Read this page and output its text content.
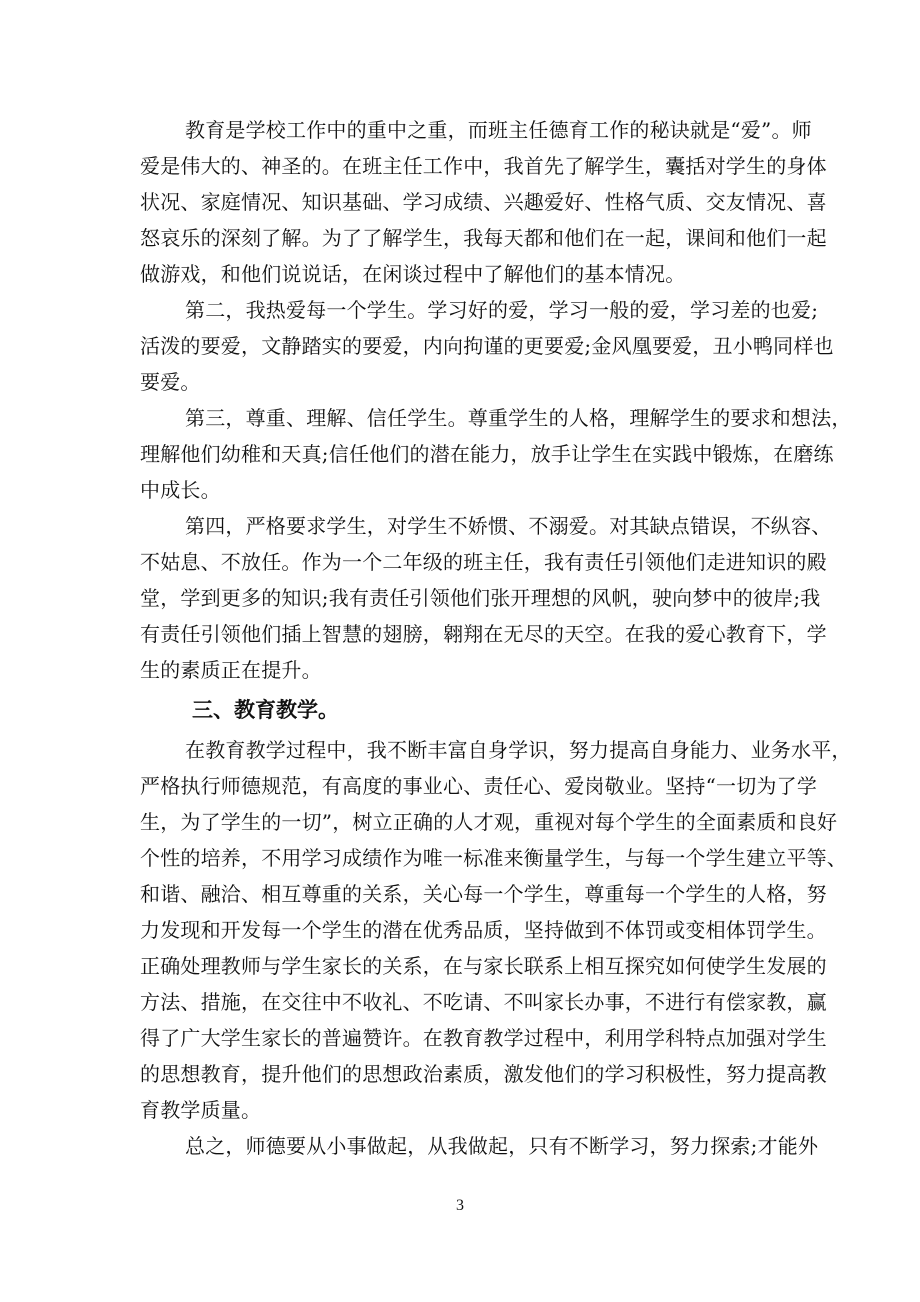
教育是学校工作中的重中之重，而班主任德育工作的秘诀就是“爱”。师
爱是伟大的、神圣的。在班主任工作中，我首先了解学生，囊括对学生的身体
状况、家庭情况、知识基础、学习成绩、兴趣爱好、性格气质、交友情况、喜
怒哀乐的深刻了解。为了了解学生，我每天都和他们在一起，课间和他们一起
做游戏，和他们说说话，在闲谈过程中了解他们的基本情况。
第二，我热爱每一个学生。学习好的爱，学习一般的爱，学习差的也爱;
活泼的要爱，文静踏实的要爱，内向拘谨的更要爱;金风凰要爱，丑小鸭同样也
要爱。
第三，尊重、理解、信任学生。尊重学生的人格，理解学生的要求和想法，
理解他们幼稚和天真;信任他们的潜在能力，放手让学生在实践中锻炼，在磨练
中成长。
第四，严格要求学生，对学生不娇惯、不溺爱。对其缺点错误，不纵容、
不姑息、不放任。作为一个二年级的班主任，我有责任引领他们走进知识的殿
堂，学到更多的知识;我有责任引领他们张开理想的风帆，驶向梦中的彼岸;我
有责任引领他们插上智慧的翅膀，翱翔在无尽的天空。在我的爱心教育下，学
生的素质正在提升。
三、教育教学。
在教育教学过程中，我不断丰富自身学识，努力提高自身能力、业务水平，
严格执行师德规范，有高度的事业心、责任心、爱岗敬业。坚持“一切为了学
生，为了学生的一切”，树立正确的人才观，重视对每个学生的全面素质和良好
个性的培养，不用学习成绩作为唯一标准来衡量学生，与每一个学生建立平等、
和谐、融洽、相互尊重的关系，关心每一个学生，尊重每一个学生的人格，努
力发现和开发每一个学生的潜在优秀品质，坚持做到不体罚或变相体罚学生。
正确处理教师与学生家长的关系，在与家长联系上相互探究如何使学生发展的
方法、措施，在交往中不收礼、不吃请、不叫家长办事，不进行有偿家教，赢
得了广大学生家长的普遍赞许。在教育教学过程中，利用学科特点加强对学生
的思想教育，提升他们的思想政治素质，激发他们的学习积极性，努力提高教
育教学质量。
总之，师德要从小事做起，从我做起，只有不断学习，努力探索;才能外
3
